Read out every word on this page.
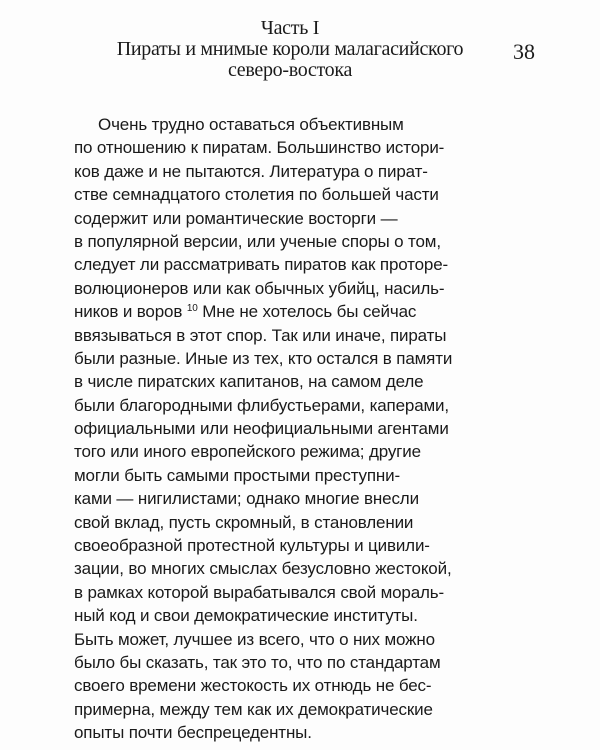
Часть I
Пираты и мнимые короли малагасийского
северо-востока
38
Очень трудно оставаться объективным
по отношению к пиратам. Большинство истори-
ков даже и не пытаются. Литература о пират-
стве семнадцатого столетия по большей части
содержит или романтические восторги —
в популярной версии, или ученые споры о том,
следует ли рассматривать пиратов как проторе-
волюционеров или как обычных убийц, насиль-
ников и воров $^{10}$ Мне не хотелось бы сейчас
ввязываться в этот спор. Так или иначе, пираты
были разные. Иные из тех, кто остался в памяти
в числе пиратских капитанов, на самом деле
были благородными флибустьерами, каперами,
официальными или неофициальными агентами
того или иного европейского режима; другие
могли быть самыми простыми преступни-
ками — нигилистами; однако многие внесли
свой вклад, пусть скромный, в становлении
своеобразной протестной культуры и цивили-
зации, во многих смыслах безусловно жестокой,
в рамках которой вырабатывался свой мораль-
ный код и свои демократические институты.
Быть может, лучшее из всего, что о них можно
было бы сказать, так это то, что по стандартам
своего времени жестокость их отнюдь не бес-
примерна, между тем как их демократические
опыты почти беспрецедентны.
